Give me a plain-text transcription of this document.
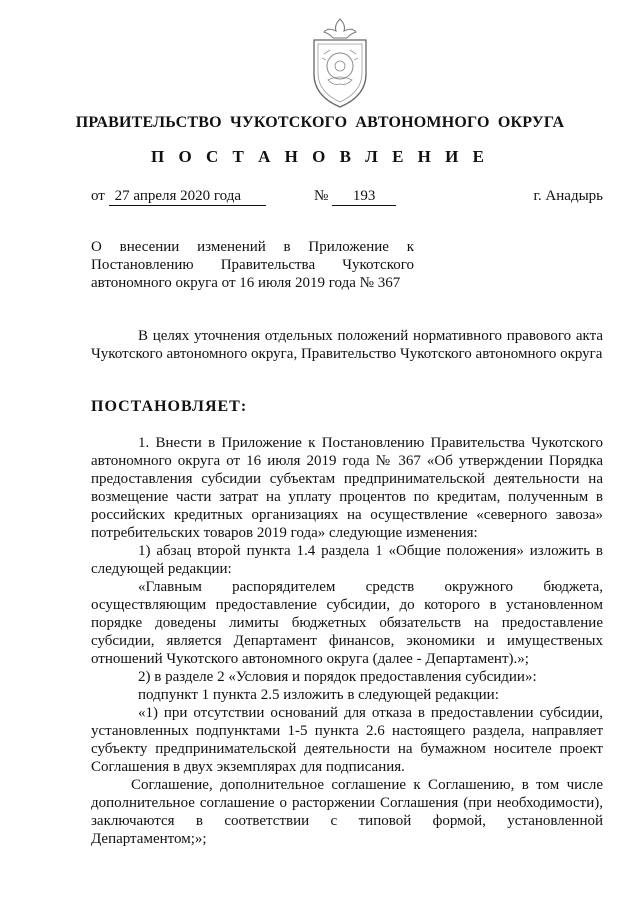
ПРАВИТЕЛЬСТВО ЧУКОТСКОГО АВТОНОМНОГО ОКРУГА
П О С Т А Н О В Л Е Н И Е
от 27 апреля 2020 года	№ 193	г. Анадырь
О внесении изменений в Приложение к
Постановлению Правительства Чукотского
автономного округа от 16 июля 2019 года № 367

В целях уточнения отдельных положений нормативного правового акта Чукотского автономного округа, Правительство Чукотского автономного округа

ПОСТАНОВЛЯЕТ:

1. Внести в Приложение к Постановлению Правительства Чукотского автономного округа от 16 июля 2019 года № 367 «Об утверждении Порядка предоставления субсидии субъектам предпринимательской деятельности на возмещение части затрат на уплату процентов по кредитам, полученным в российских кредитных организациях на осуществление «северного завоза» потребительских товаров 2019 года» следующие изменения:

1) абзац второй пункта 1.4 раздела 1 «Общие положения» изложить в следующей редакции:

«Главным распорядителем средств окружного бюджета, осуществляющим предоставление субсидии, до которого в установленном порядке доведены лимиты бюджетных обязательств на предоставление субсидии, является Департамент финансов, экономики и имущественых отношений Чукотского автономного округа (далее - Департамент).»;

2) в разделе 2 «Условия и порядок предоставления субсидии»:

подпункт 1 пункта 2.5 изложить в следующей редакции:

«1) при отсутствии оснований для отказа в предоставлении субсидии, установленных подпунктами 1-5 пункта 2.6 настоящего раздела, направляет субъекту предпринимательской деятельности на бумажном носителе проект Соглашения в двух экземплярах для подписания.

Соглашение, дополнительное соглашение к Соглашению, в том числе дополнительное соглашение о расторжении Соглашения (при необходимости), заключаются в соответствии с типовой формой, установленной Департаментом;»;
